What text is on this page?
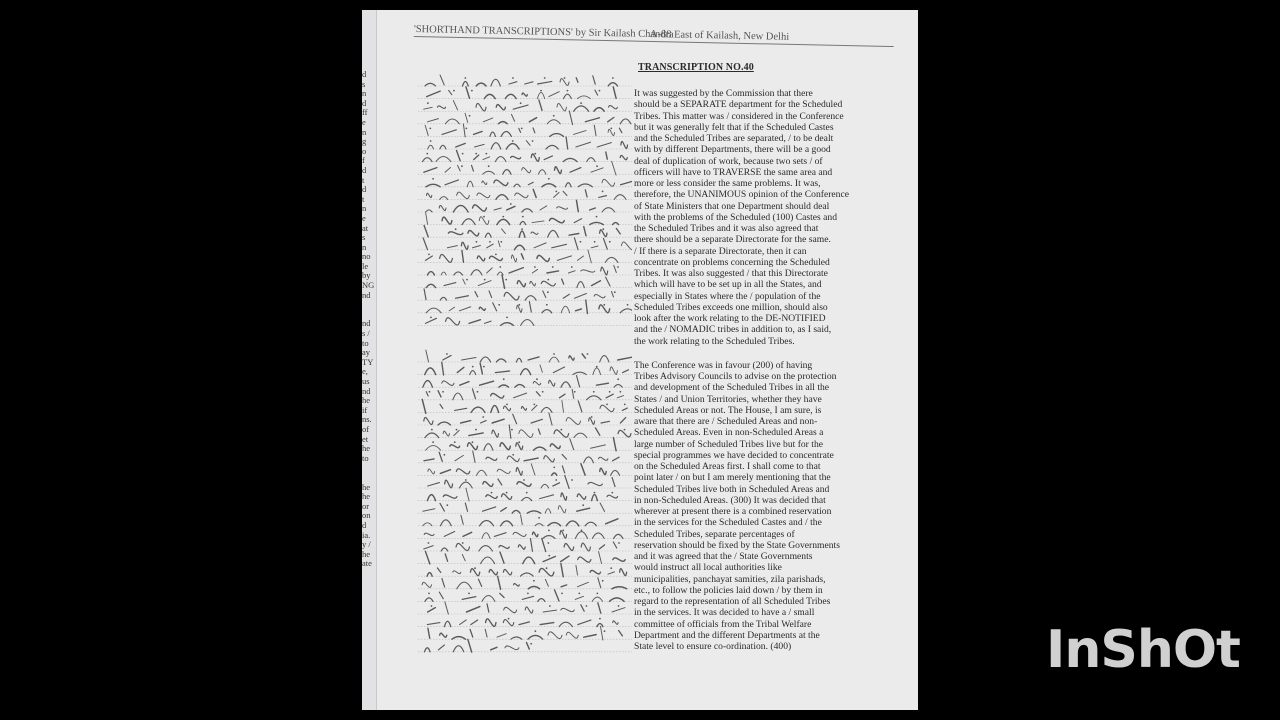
d
s
n
d
ff
e
n
g
o
f
d
t
d
t
n
e
at
s
n
no
le
by
NG
nd
nd
s /
to
ay
TY
e,
us
nd
he
if
ns.
of
et
he
to
he
he
or
on
d
ia.
y /
he
ate
'SHORTHAND TRANSCRIPTIONS' by Sir Kailash Chandra
A-88 East of Kailash, New Delhi
TRANSCRIPTION NO.40
It was suggested by the Commission that there
should be a SEPARATE department for the Scheduled
Tribes. This matter was / considered in the Conference
but it was generally felt that if the Scheduled Castes
and the Scheduled Tribes are separated, / to be dealt
with by different Departments, there will be a good
deal of duplication of work, because two sets / of
officers will have to TRAVERSE the same area and
more or less consider the same problems. It was,
therefore, the UNANIMOUS opinion of the Conference
of State Ministers that one Department should deal
with the problems of the Scheduled (100) Castes and
the Scheduled Tribes and it was also agreed that
there should be a separate Directorate for the same.
/ If there is a separate Directorate, then it can
concentrate on problems concerning the Scheduled
Tribes. It was also suggested / that this Directorate
which will have to be set up in all the States, and
especially in States where the / population of the
Scheduled Tribes exceeds one million, should also
look after the work relating to the DE-NOTIFIED
and the / NOMADIC tribes in addition to, as I said,
the work relating to the Scheduled Tribes.
The Conference was in favour (200) of having
Tribes Advisory Councils to advise on the protection
and development of the Scheduled Tribes in all the
States / and Union Territories, whether they have
Scheduled Areas or not. The House, I am sure, is
aware that there are / Scheduled Areas and non-
Scheduled Areas. Even in non-Scheduled Areas a
large number of Scheduled Tribes live but for the
special programmes we have decided to concentrate
on the Scheduled Areas first. I shall come to that
point later / on but I am merely mentioning that the
Scheduled Tribes live both in Scheduled Areas and
in non-Scheduled Areas. (300) It was decided that
wherever at present there is a combined reservation
in the services for the Scheduled Castes and / the
Scheduled Tribes, separate percentages of
reservation should be fixed by the State Governments
and it was agreed that the / State Governments
would instruct all local authorities like
municipalities, panchayat samities, zila parishads,
etc., to follow the policies laid down / by them in
regard to the representation of all Scheduled Tribes
in the services. It was decided to have a / small
committee of officials from the Tribal Welfare
Department and the different Departments at the
State level to ensure co-ordination. (400)	InShOt
